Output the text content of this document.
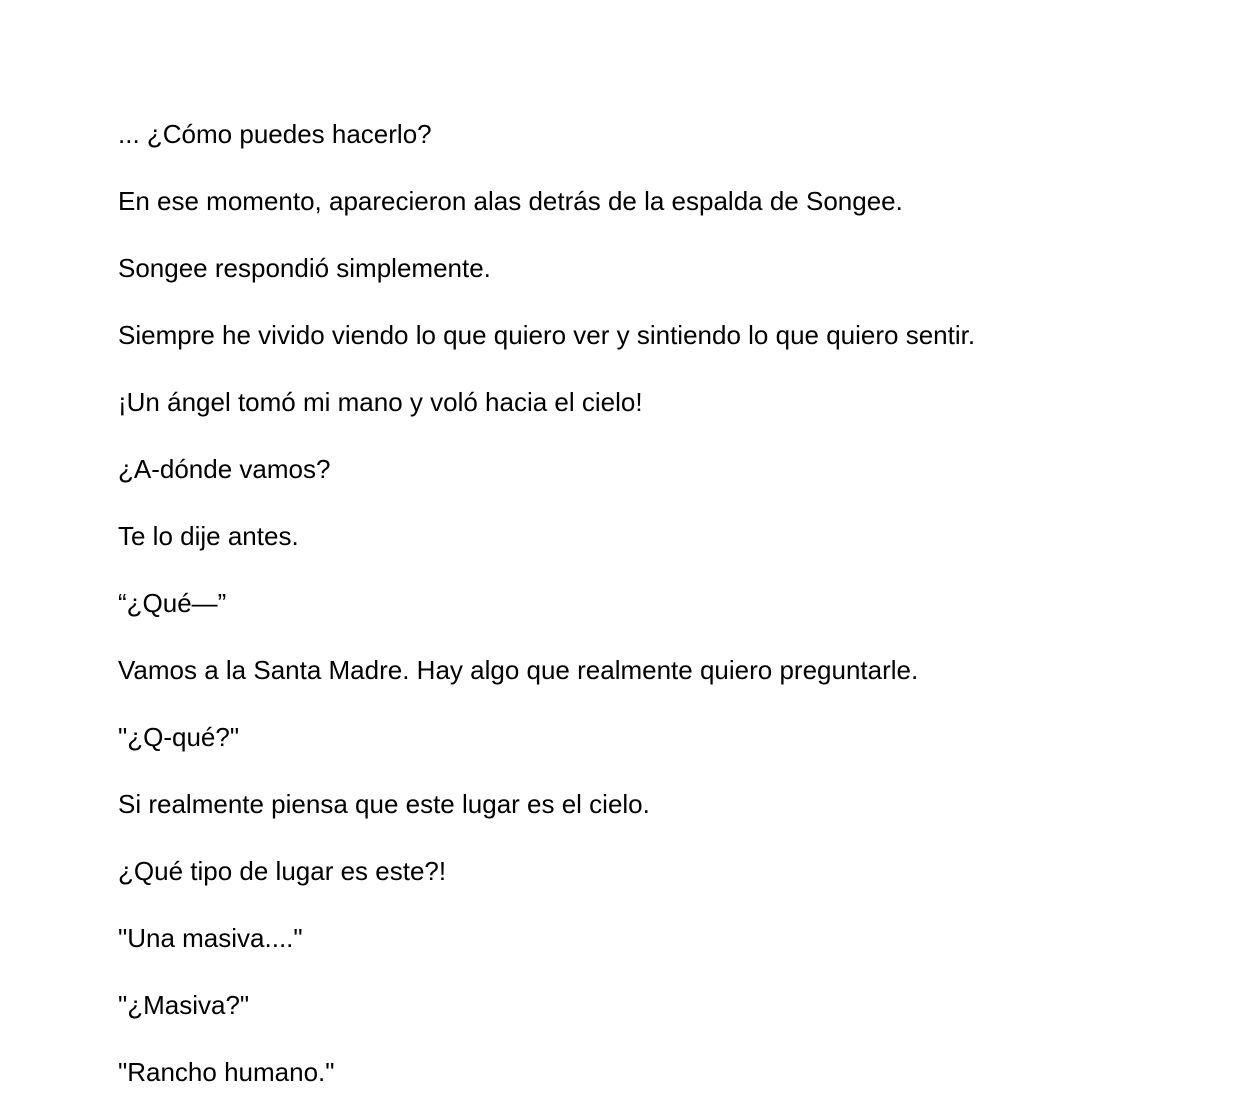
... ¿Cómo puedes hacerlo?

En ese momento, aparecieron alas detrás de la espalda de Songee.

Songee respondió simplemente.

Siempre he vivido viendo lo que quiero ver y sintiendo lo que quiero sentir.

¡Un ángel tomó mi mano y voló hacia el cielo!

¿A-dónde vamos?

Te lo dije antes.

“¿Qué—”

Vamos a la Santa Madre. Hay algo que realmente quiero preguntarle.

"¿Q-qué?"

Si realmente piensa que este lugar es el cielo.

¿Qué tipo de lugar es este?!

"Una masiva...."

"¿Masiva?"

"Rancho humano."
